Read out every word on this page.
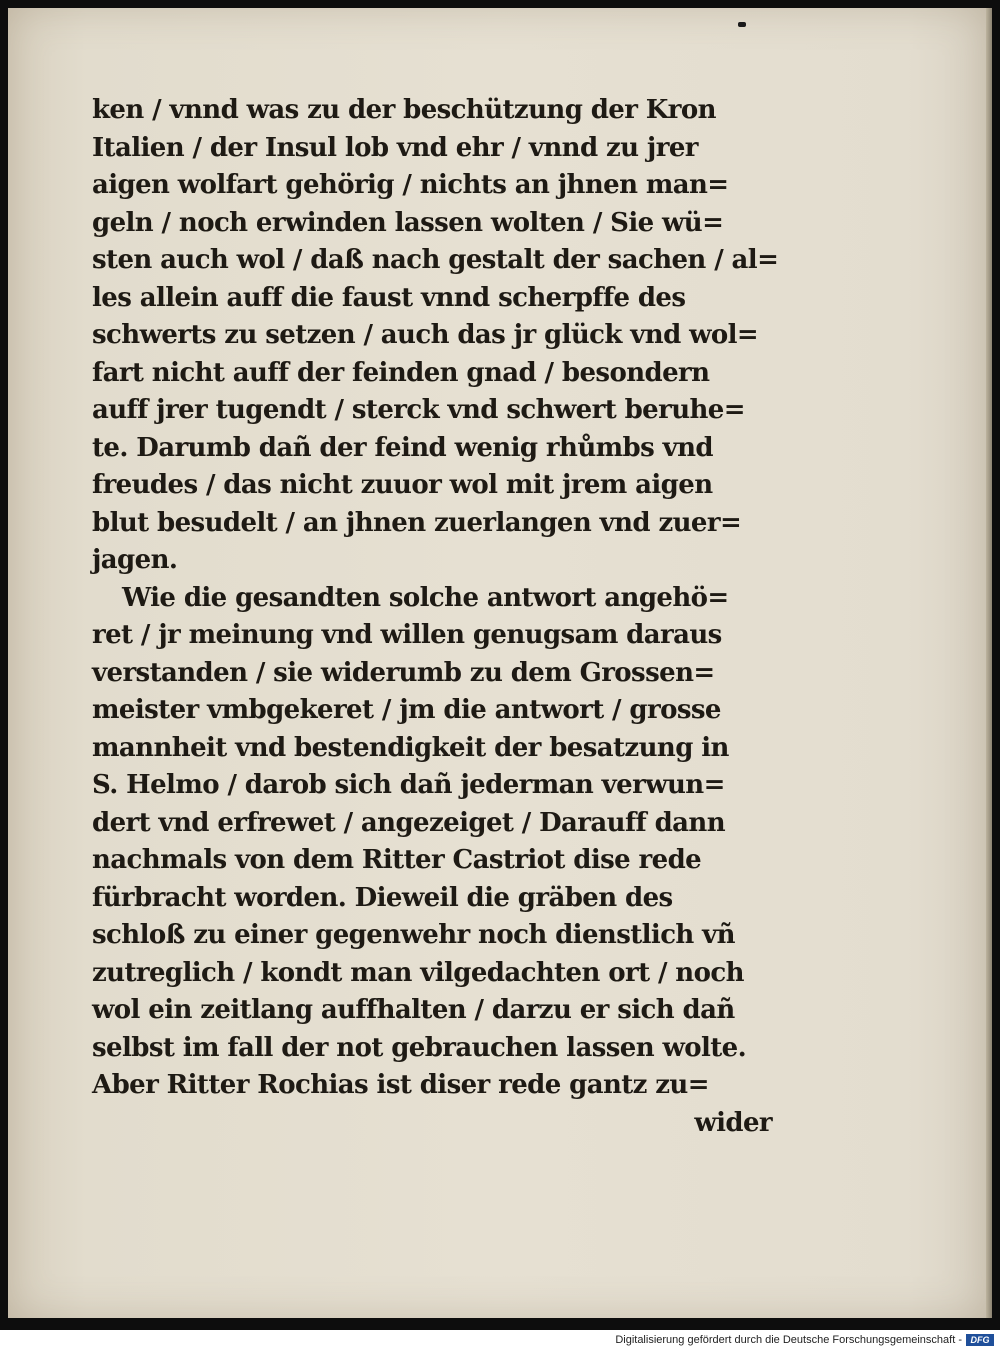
ken / vnnd was zu der beschützung der Kron
Italien / der Insul lob vnd ehr / vnnd zu jrer
aigen wolfart gehörig / nichts an jhnen man=
geln / noch erwinden lassen wolten / Sie wü=
sten auch wol / daß nach gestalt der sachen / al=
les allein auff die faust vnnd scherpffe des
schwerts zu setzen / auch das jr glück vnd wol=
fart nicht auff der feinden gnad / besondern
auff jrer tugendt / sterck vnd schwert beruhe=
te. Darumb dañ der feind wenig rhůmbs vnd
freudes / das nicht zuuor wol mit jrem aigen
blut besudelt / an jhnen zuerlangen vnd zuer=
jagen.
Wie die gesandten solche antwort angehö=
ret / jr meinung vnd willen genugsam daraus
verstanden / sie widerumb zu dem Grossen=
meister vmbgekeret / jm die antwort / grosse
mannheit vnd bestendigkeit der besatzung in
S. Helmo / darob sich dañ jederman verwun=
dert vnd erfrewet / angezeiget / Darauff dann
nachmals von dem Ritter Castriot dise rede
fürbracht worden. Dieweil die gräben des
schloß zu einer gegenwehr noch dienstlich vñ
zutreglich / kondt man vilgedachten ort / noch
wol ein zeitlang auffhalten / darzu er sich dañ
selbst im fall der not gebrauchen lassen wolte.
Aber Ritter Rochias ist diser rede gantz zu=
wider
Digitalisierung gefördert durch die Deutsche Forschungsgemeinschaft - DFG
